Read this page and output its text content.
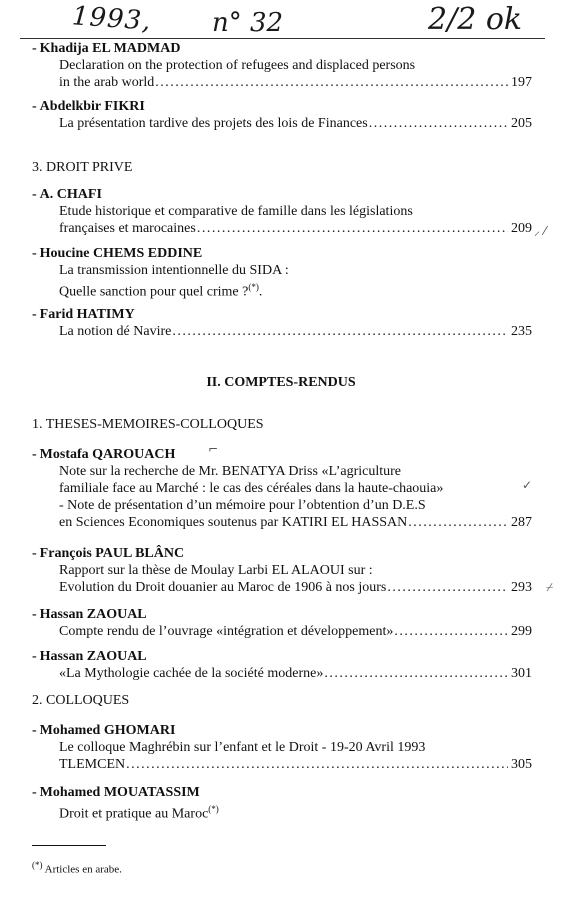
1993, n° 32	2/2 ok
- Khadija EL MADMAD
Declaration on the protection of refugees and displaced persons
in the arab world . . .	197
- Abdelkbir FIKRI
La présentation tardive des projets des lois de Finances . . .	205
3. DROIT PRIVE
- A. CHAFI
Etude historique et comparative de famille dans les législations
françaises et marocaines . . .	209 ⸝ ⁄
- Houcine CHEMS EDDINE
La transmission intentionnelle du SIDA :
Quelle sanction pour quel crime ?(*).
- Farid HATIMY
La notion dé Navire . . .	235
II. COMPTES-RENDUS
1. THESES-MEMOIRES-COLLOQUES
- Mostafa QAROUACH
Note sur la recherche de Mr. BENATYA Driss «L’agriculture
familiale face au Marché : le cas des céréales dans la haute-chaouia»
- Note de présentation d’un mémoire pour l’obtention d’un D.E.S
en Sciences Economiques soutenus par KATIRI EL HASSAN . . .	287
⌐
✓
- François PAUL BLÂNC
Rapport sur la thèse de Moulay Larbi EL ALAOUI sur :
Evolution du Droit douanier au Maroc de 1906 à nos jours . . .	293 ⌿
- Hassan ZAOUAL
Compte rendu de l’ouvrage «intégration et développement» . . .	299
- Hassan ZAOUAL
«La Mythologie cachée de la société moderne» . . .	301
2. COLLOQUES
- Mohamed GHOMARI
Le colloque Maghrébin sur l’enfant et le Droit - 19-20 Avril 1993
TLEMCEN . . .	305
- Mohamed MOUATASSIM
Droit et pratique au Maroc(*)
(*) Articles en arabe.
